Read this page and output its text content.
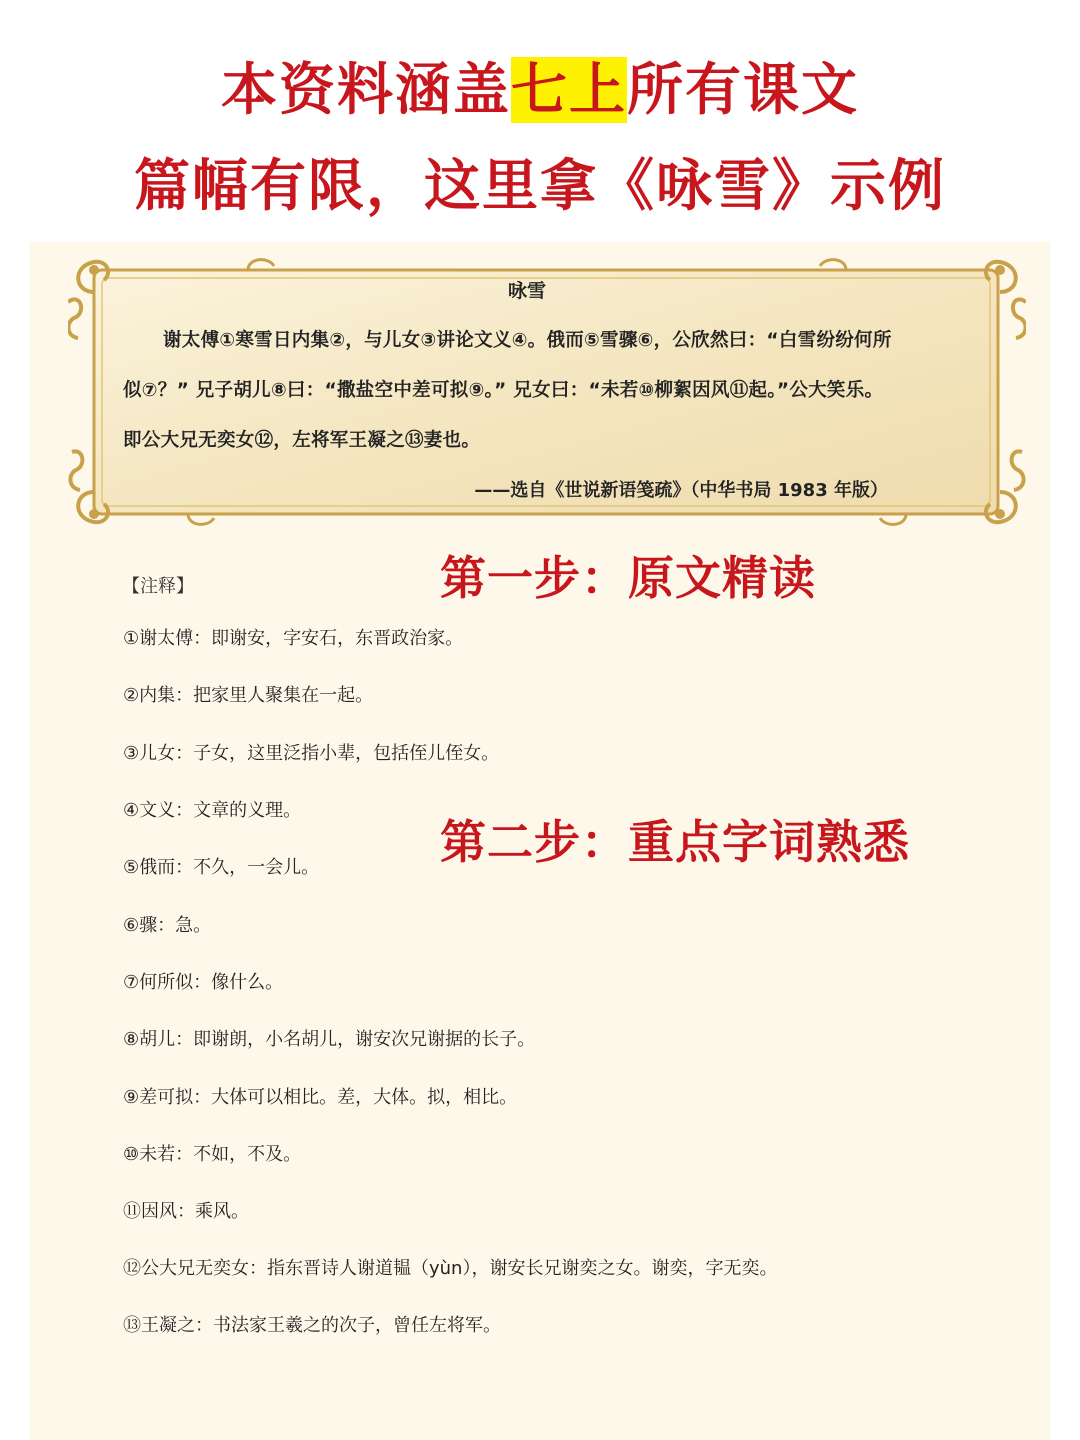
本资料涵盖七上所有课文
篇幅有限，这里拿《咏雪》示例
咏雪
谢太傅①寒雪日内集②，与儿女③讲论文义④。俄而⑤雪骤⑥，公欣然曰：“白雪纷纷何所
似⑦？” 兄子胡儿⑧曰：“撒盐空中差可拟⑨。” 兄女曰：“未若⑩柳絮因风⑪起。”公大笑乐。
即公大兄无奕女⑫，左将军王凝之⑬妻也。
——选自《世说新语笺疏》（中华书局 1983 年版）
第一步：原文精读
第二步：重点字词熟悉
【注释】
①谢太傅：即谢安，字安石，东晋政治家。
②内集：把家里人聚集在一起。
③儿女：子女，这里泛指小辈，包括侄儿侄女。
④文义：文章的义理。
⑤俄而：不久，一会儿。
⑥骤：急。
⑦何所似：像什么。
⑧胡儿：即谢朗，小名胡儿，谢安次兄谢据的长子。
⑨差可拟：大体可以相比。差，大体。拟，相比。
⑩未若：不如，不及。
⑪因风：乘风。
⑫公大兄无奕女：指东晋诗人谢道韫（yùn），谢安长兄谢奕之女。谢奕，字无奕。
⑬王凝之：书法家王羲之的次子，曾任左将军。
